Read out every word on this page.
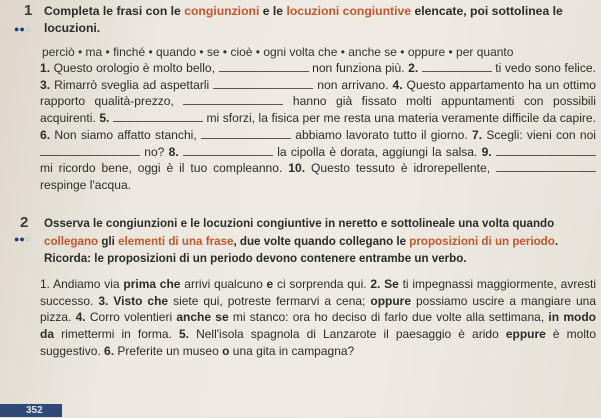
1
●●○
Completa le frasi con le congiunzioni e le locuzioni congiuntive elencate, poi sottolinea le locuzioni.
perciò • ma • finché • quando • se • cioè • ogni volta che • anche se • oppure • per quanto
1. Questo orologio è molto bello,	non funziona più. 2.	ti vedo sono felice. 3. Rimarrò sveglia ad aspettarli	non arrivano. 4. Questo appartamento ha un ottimo rapporto qualità-prezzo,	hanno già fissato molti appuntamenti con possibili acquirenti. 5.	mi sforzi, la fisica per me resta una materia veramente difficile da capire. 6. Non siamo affatto stanchi,	abbiamo lavorato tutto il giorno. 7. Scegli: vieni con noi  no? 8.	la cipolla è dorata, aggiungi la salsa. 9.  mi ricordo bene, oggi è il tuo compleanno. 10. Questo tessuto è idrorepellente,  respinge l'acqua.
2
●●○
Osserva le congiunzioni e le locuzioni congiuntive in neretto e sottolineale una volta quando collegano gli elementi di una frase, due volte quando collegano le proposizioni di un periodo. Ricorda: le proposizioni di un periodo devono contenere entrambe un verbo.
1. Andiamo via prima che arrivi qualcuno e ci sorprenda qui. 2. Se ti impegnassi maggiormente, avresti successo. 3. Visto che siete qui, potreste fermarvi a cena; oppure possiamo uscire a mangiare una pizza. 4. Corro volentieri anche se mi stanco: ora ho deciso di farlo due volte alla settimana, in modo da rimettermi in forma. 5. Nell'isola spagnola di Lanzarote il paesaggio è arido eppure è molto suggestivo. 6. Preferite un museo o una gita in campagna?
352
